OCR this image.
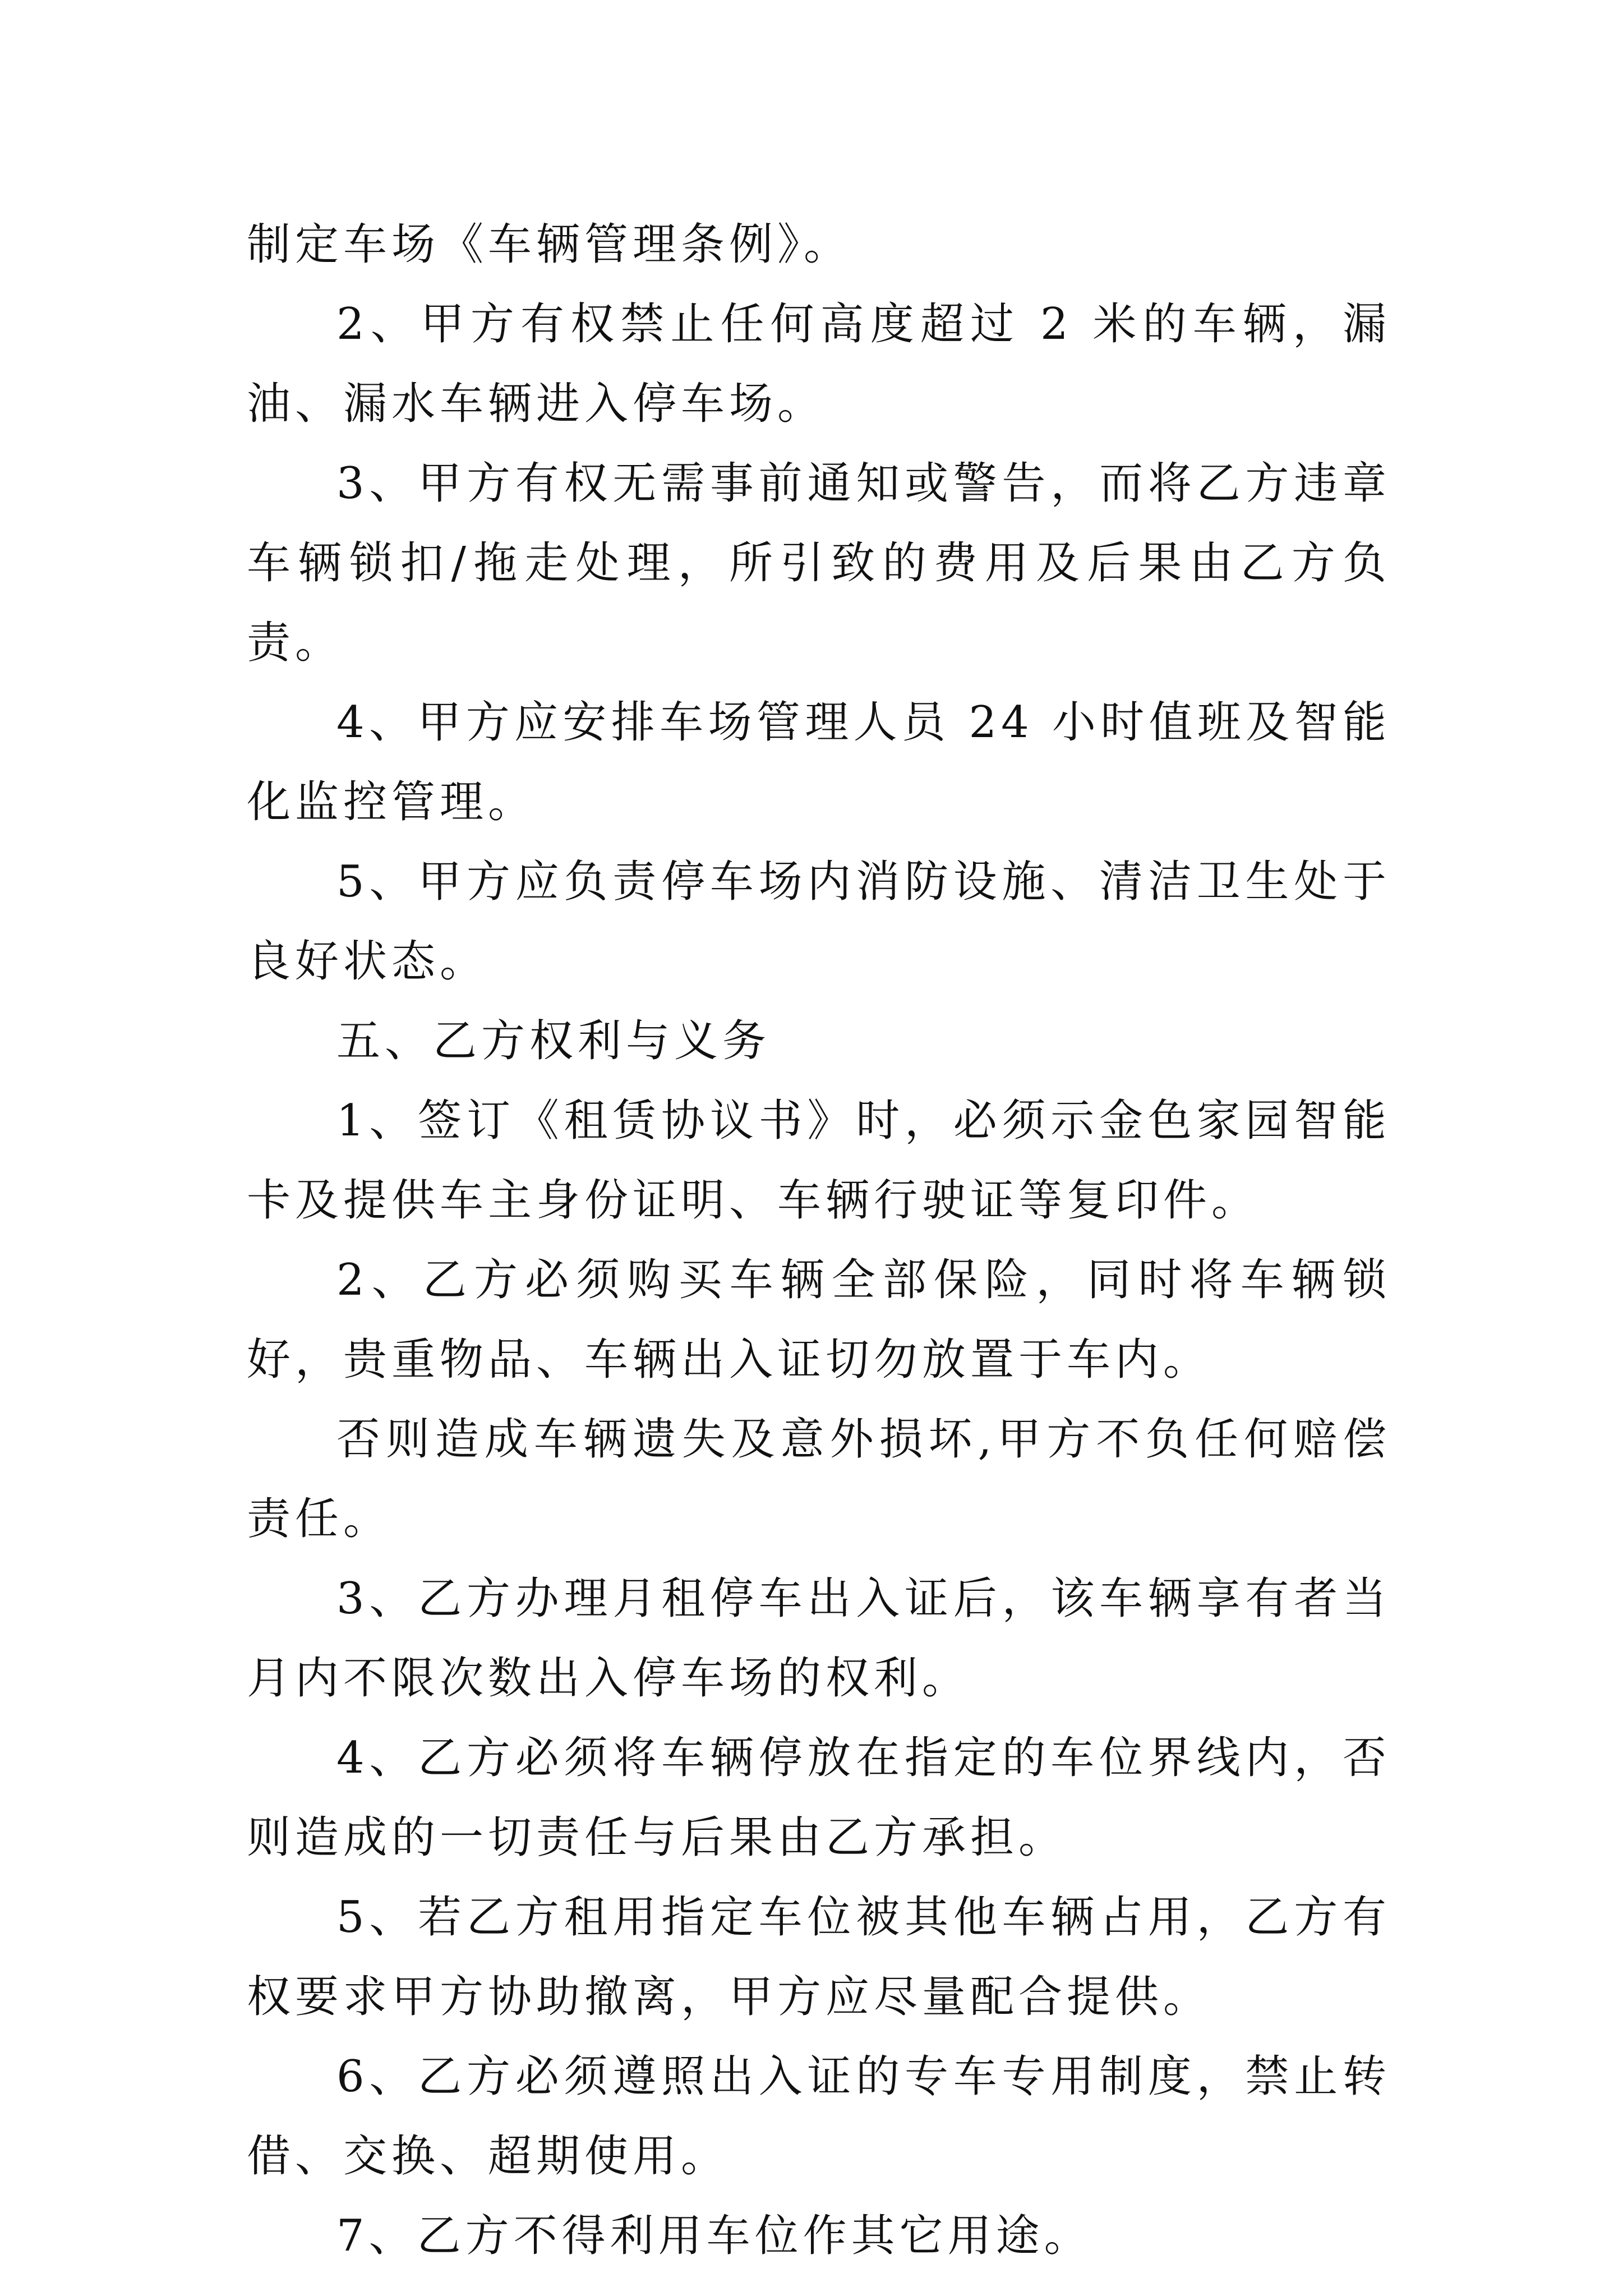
制定车场《车辆管理条例》。

2、甲方有权禁止任何高度超过 2 米的车辆，漏油、漏水车辆进入停车场。

3、甲方有权无需事前通知或警告，而将乙方违章车辆锁扣/拖走处理，所引致的费用及后果由乙方负责。

4、甲方应安排车场管理人员 24 小时值班及智能化监控管理。

5、甲方应负责停车场内消防设施、清洁卫生处于良好状态。

五、乙方权利与义务

1、签订《租赁协议书》时，必须示金色家园智能卡及提供车主身份证明、车辆行驶证等复印件。

2、乙方必须购买车辆全部保险，同时将车辆锁好，贵重物品、车辆出入证切勿放置于车内。

否则造成车辆遗失及意外损坏,甲方不负任何赔偿责任。

3、乙方办理月租停车出入证后，该车辆享有者当月内不限次数出入停车场的权利。

4、乙方必须将车辆停放在指定的车位界线内，否则造成的一切责任与后果由乙方承担。

5、若乙方租用指定车位被其他车辆占用，乙方有权要求甲方协助撤离，甲方应尽量配合提供。

6、乙方必须遵照出入证的专车专用制度，禁止转借、交换、超期使用。

7、乙方不得利用车位作其它用途。
